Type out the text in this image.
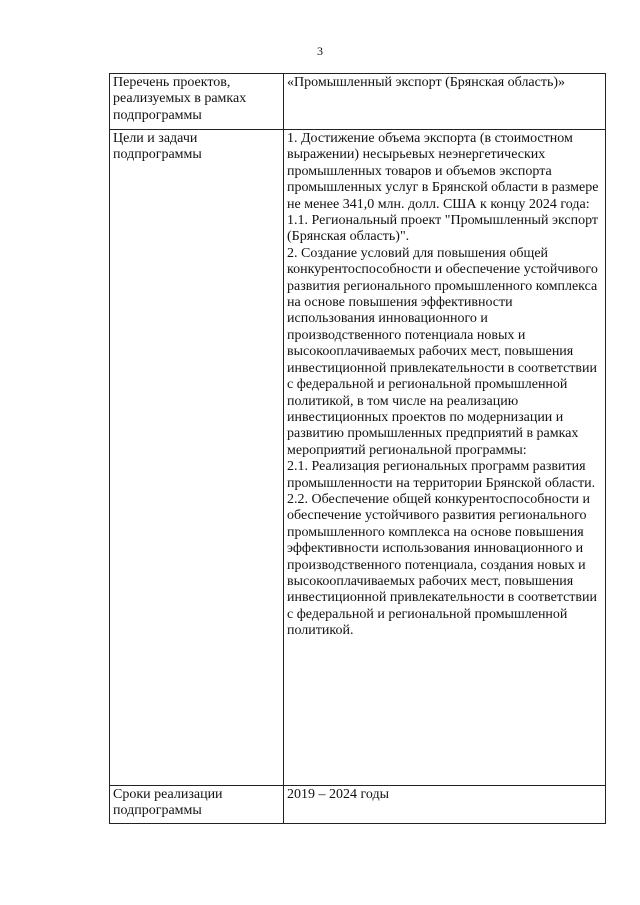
3
Перечень проектов, реализуемых в рамках подпрограммы	«Промышленный экспорт (Брянская область)»

Цели и задачи подпрограммы	1. Достижение объема экспорта (в стоимостном выражении) несырьевых неэнергетических промышленных товаров и объемов экспорта промышленных услуг в Брянской области в размере не менее 341,0 млн. долл. США к концу 2024 года:
1.1. Региональный проект "Промышленный экспорт (Брянская область)".
2. Создание условий для повышения общей конкурентоспособности и обеспечение устойчивого развития регионального промышленного комплекса на основе повышения эффективности использования инновационного и производственного потенциала новых и высокооплачиваемых рабочих мест, повышения инвестиционной привлекательности в соответствии с федеральной и региональной промышленной политикой, в том числе на реализацию инвестиционных проектов по модернизации и развитию промышленных предприятий в рамках мероприятий региональной программы:
2.1. Реализация региональных программ развития промышленности на территории Брянской области.
2.2. Обеспечение общей конкурентоспособности и обеспечение устойчивого развития регионального промышленного комплекса на основе повышения эффективности использования инновационного и производственного потенциала, создания новых и высокооплачиваемых рабочих мест, повышения инвестиционной привлекательности в соответствии с федеральной и региональной промышленной политикой.

Сроки реализации подпрограммы	2019 – 2024 годы
